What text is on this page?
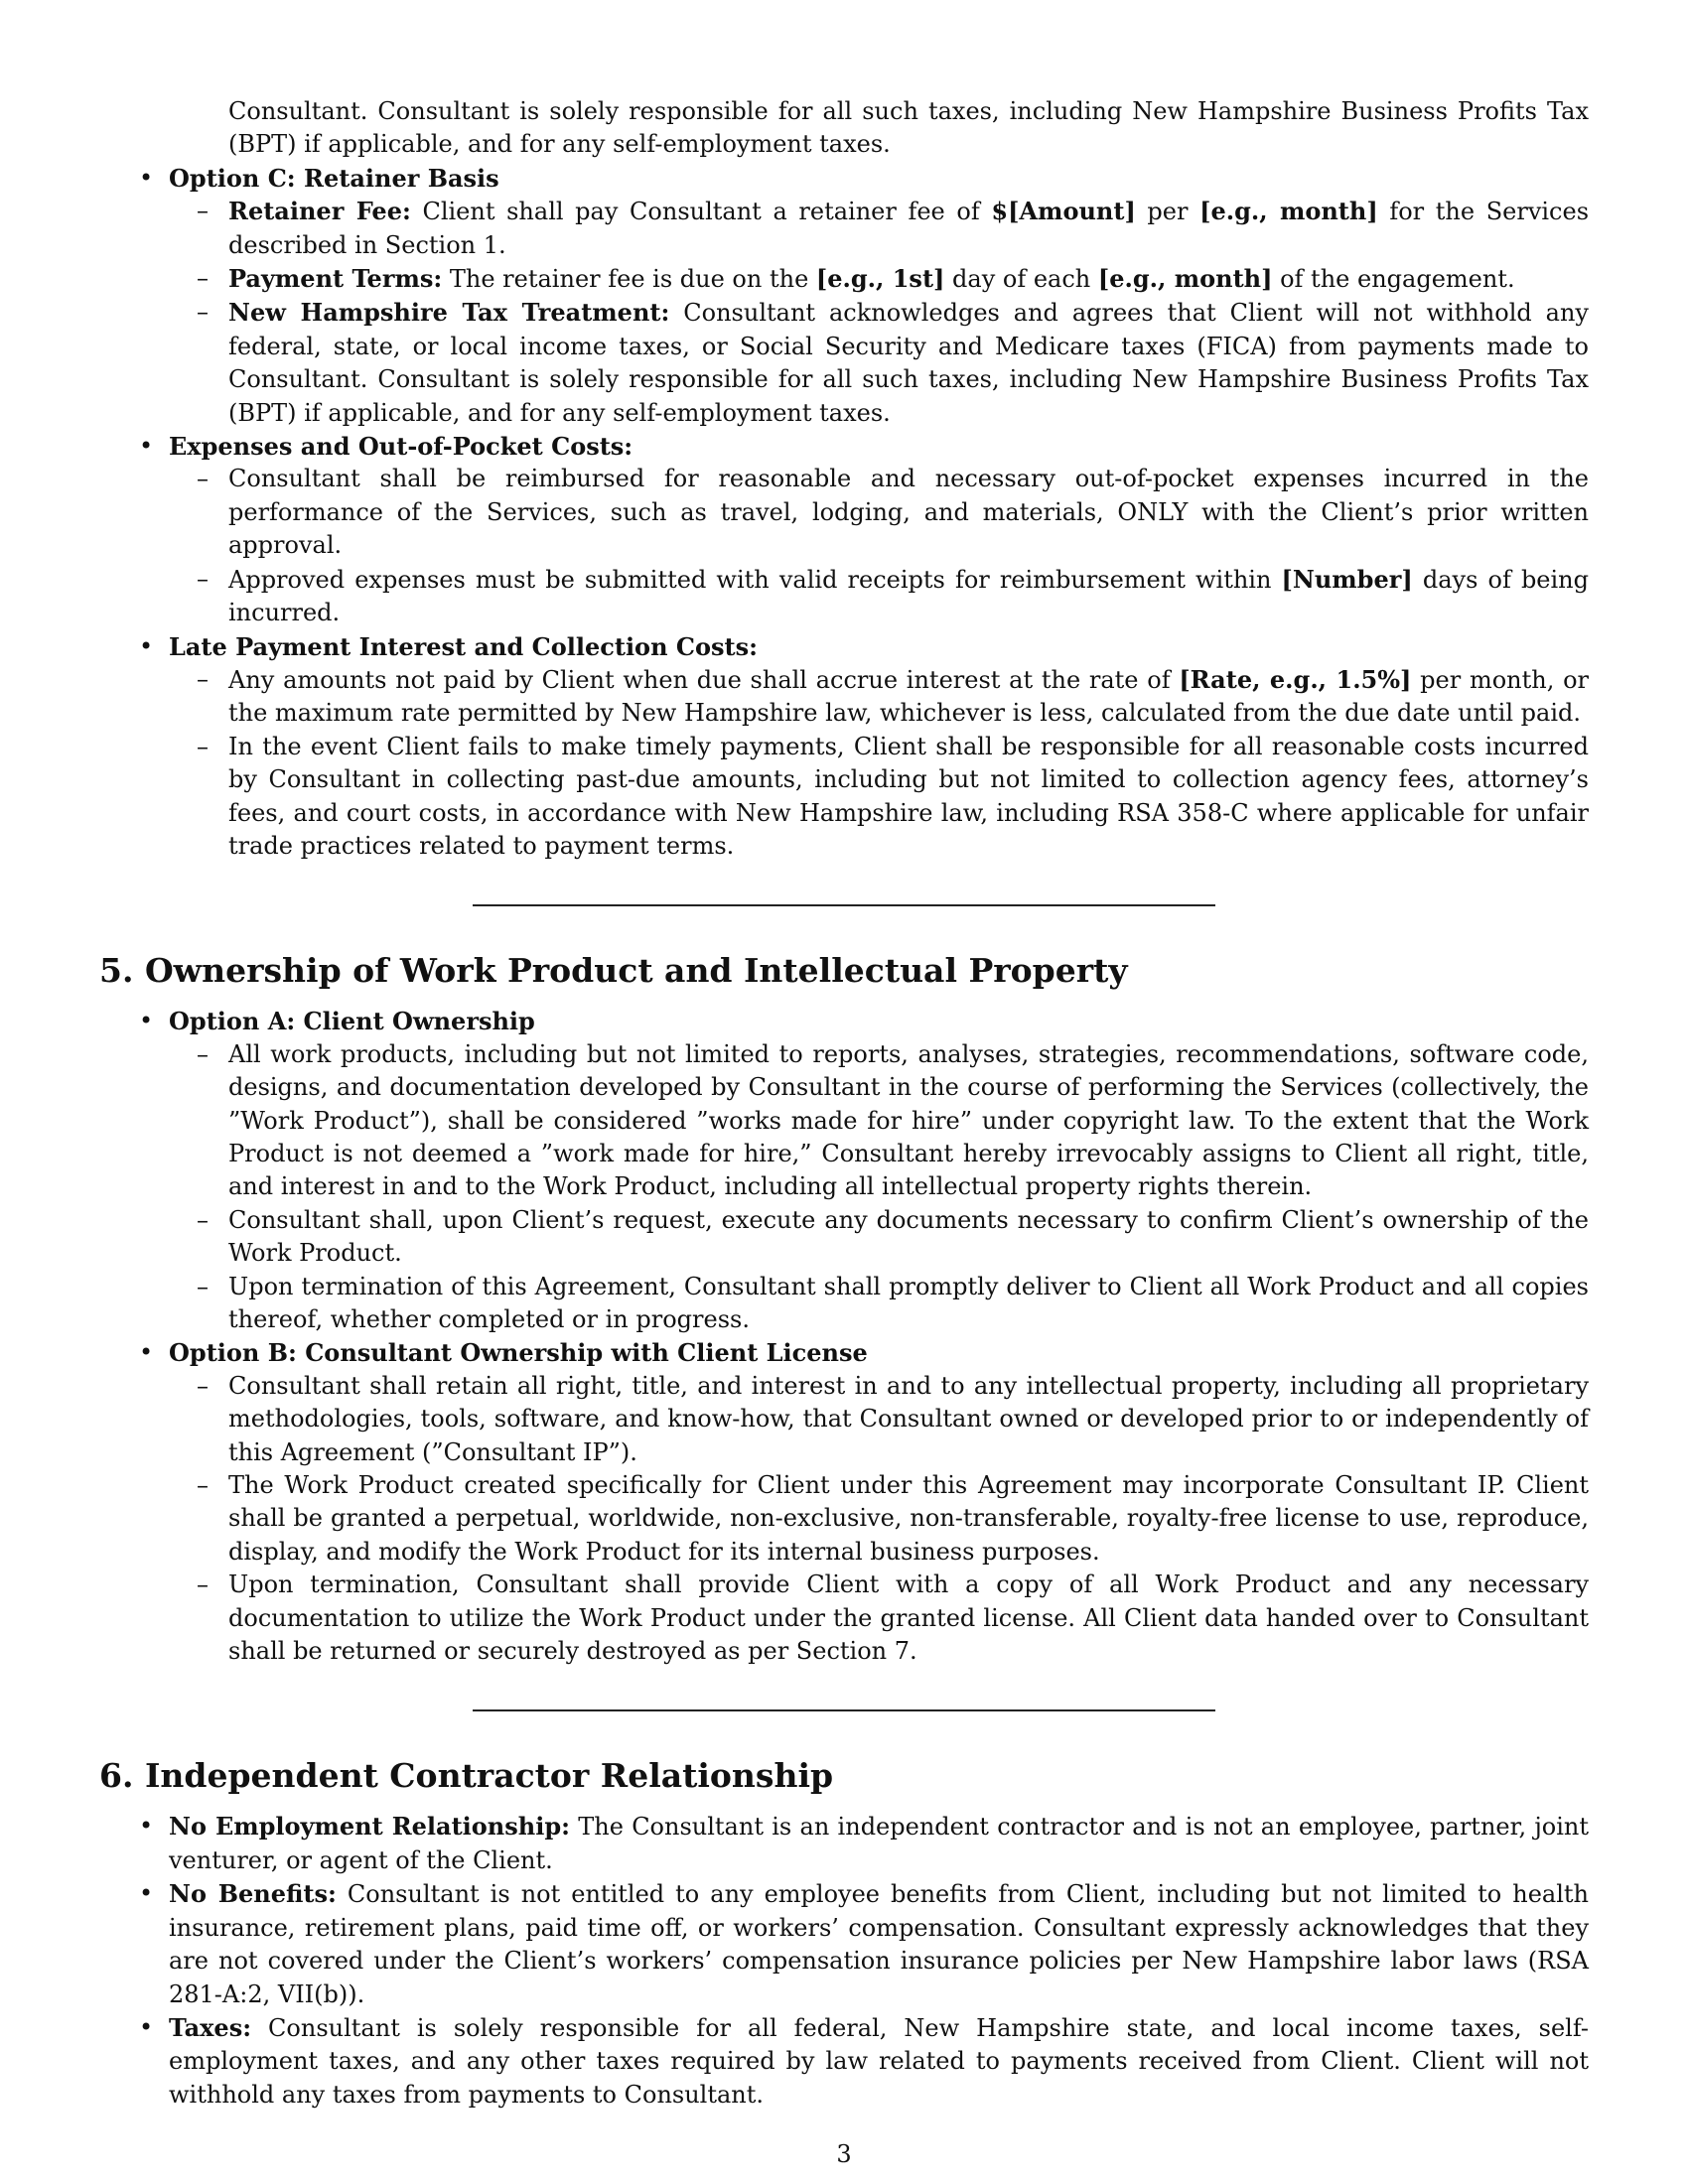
Consultant. Consultant is solely responsible for all such taxes, including New Hampshire Business Profits Tax (BPT) if applicable, and for any self-employment taxes.

• Option C: Retainer Basis

– Retainer Fee: Client shall pay Consultant a retainer fee of $[Amount] per [e.g., month] for the Services described in Section 1.

– Payment Terms: The retainer fee is due on the [e.g., 1st] day of each [e.g., month] of the engagement.

– New Hampshire Tax Treatment: Consultant acknowledges and agrees that Client will not withhold any federal, state, or local income taxes, or Social Security and Medicare taxes (FICA) from payments made to Consultant. Consultant is solely responsible for all such taxes, including New Hampshire Business Profits Tax (BPT) if applicable, and for any self-employment taxes.

• Expenses and Out-of-Pocket Costs:

– Consultant shall be reimbursed for reasonable and necessary out-of-pocket expenses incurred in the performance of the Services, such as travel, lodging, and materials, ONLY with the Client’s prior written approval.

– Approved expenses must be submitted with valid receipts for reimbursement within [Number] days of being incurred.

• Late Payment Interest and Collection Costs:

– Any amounts not paid by Client when due shall accrue interest at the rate of [Rate, e.g., 1.5%] per month, or the maximum rate permitted by New Hampshire law, whichever is less, calculated from the due date until paid.

– In the event Client fails to make timely payments, Client shall be responsible for all reasonable costs incurred by Consultant in collecting past-due amounts, including but not limited to collection agency fees, attorney’s fees, and court costs, in accordance with New Hampshire law, including RSA 358-C where applicable for unfair trade practices related to payment terms.

5. Ownership of Work Product and Intellectual Property
• Option A: Client Ownership

– All work products, including but not limited to reports, analyses, strategies, recommendations, software code, designs, and documentation developed by Consultant in the course of performing the Services (collectively, the ”Work Product”), shall be considered ”works made for hire” under copyright law. To the extent that the Work Product is not deemed a ”work made for hire,” Consultant hereby irrevocably assigns to Client all right, title, and interest in and to the Work Product, including all intellectual property rights therein.

– Consultant shall, upon Client’s request, execute any documents necessary to confirm Client’s ownership of the Work Product.

– Upon termination of this Agreement, Consultant shall promptly deliver to Client all Work Product and all copies thereof, whether completed or in progress.

• Option B: Consultant Ownership with Client License

– Consultant shall retain all right, title, and interest in and to any intellectual property, including all proprietary methodologies, tools, software, and know-how, that Consultant owned or developed prior to or independently of this Agreement (”Consultant IP”).

– The Work Product created specifically for Client under this Agreement may incorporate Consultant IP. Client shall be granted a perpetual, worldwide, non-exclusive, non-transferable, royalty-free license to use, reproduce, display, and modify the Work Product for its internal business purposes.

– Upon termination, Consultant shall provide Client with a copy of all Work Product and any necessary documentation to utilize the Work Product under the granted license. All Client data handed over to Consultant shall be returned or securely destroyed as per Section 7.

6. Independent Contractor Relationship
• No Employment Relationship: The Consultant is an independent contractor and is not an employee, partner, joint venturer, or agent of the Client.

• No Benefits: Consultant is not entitled to any employee benefits from Client, including but not limited to health insurance, retirement plans, paid time off, or workers’ compensation. Consultant expressly acknowledges that they are not covered under the Client’s workers’ compensation insurance policies per New Hampshire labor laws (RSA 281-A:2, VII(b)).

• Taxes: Consultant is solely responsible for all federal, New Hampshire state, and local income taxes, self-employment taxes, and any other taxes required by law related to payments received from Client. Client will not withhold any taxes from payments to Consultant.

3
